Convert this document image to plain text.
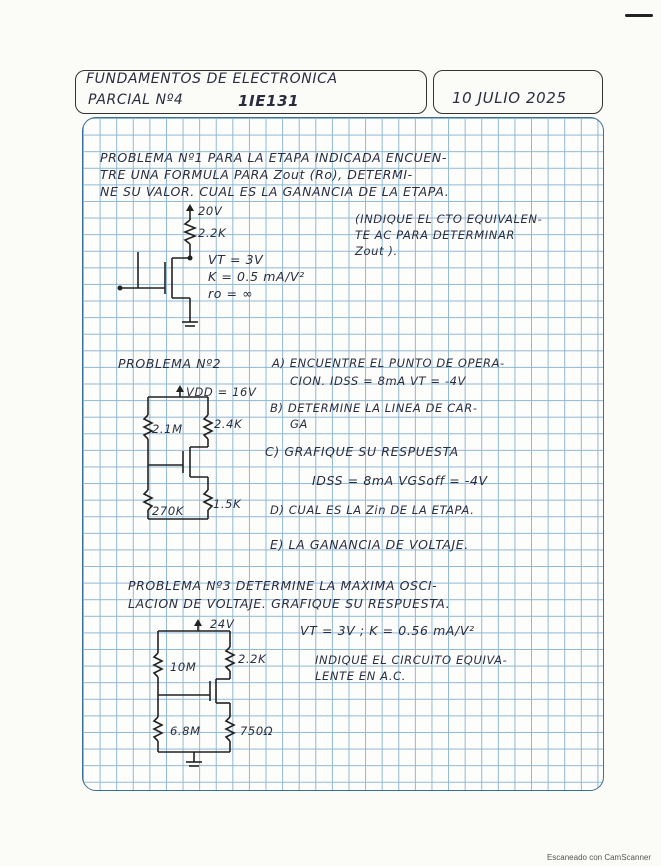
FUNDAMENTOS DE ELECTRONICA
PARCIAL Nº4	1IE131	10 JULIO 2025
PROBLEMA Nº1 PARA LA ETAPA INDICADA ENCUEN-
TRE UNA FORMULA PARA Zout (Ro), DETERMI-
NE SU VALOR. CUAL ES LA GANANCIA DE LA ETAPA.
20V
2.2K
VT = 3V
K = 0.5 mA/V²
ro = ∞
(INDIQUE EL CTO EQUIVALEN-
TE AC PARA DETERMINAR
Zout ).
PROBLEMA Nº2	A) ENCUENTRE EL PUNTO DE OPERA-
CION. IDSS = 8mA VT = -4V
B) DETERMINE LA LINEA DE CAR-
GA
C) GRAFIQUE SU RESPUESTA
IDSS = 8mA VGSoff = -4V
D) CUAL ES LA Zin DE LA ETAPA.
E) LA GANANCIA DE VOLTAJE.
VDD = 16V
2.1M	2.4K
270K	1.5K
PROBLEMA Nº3 DETERMINE LA MAXIMA OSCI-
LACION DE VOLTAJE. GRAFIQUE SU RESPUESTA.
VT = 3V ; K = 0.56 mA/V²
INDIQUE EL CIRCUITO EQUIVA-
LENTE EN A.C.
24V
10M
2.2K
6.8M	750Ω
Escaneado con CamScanner
